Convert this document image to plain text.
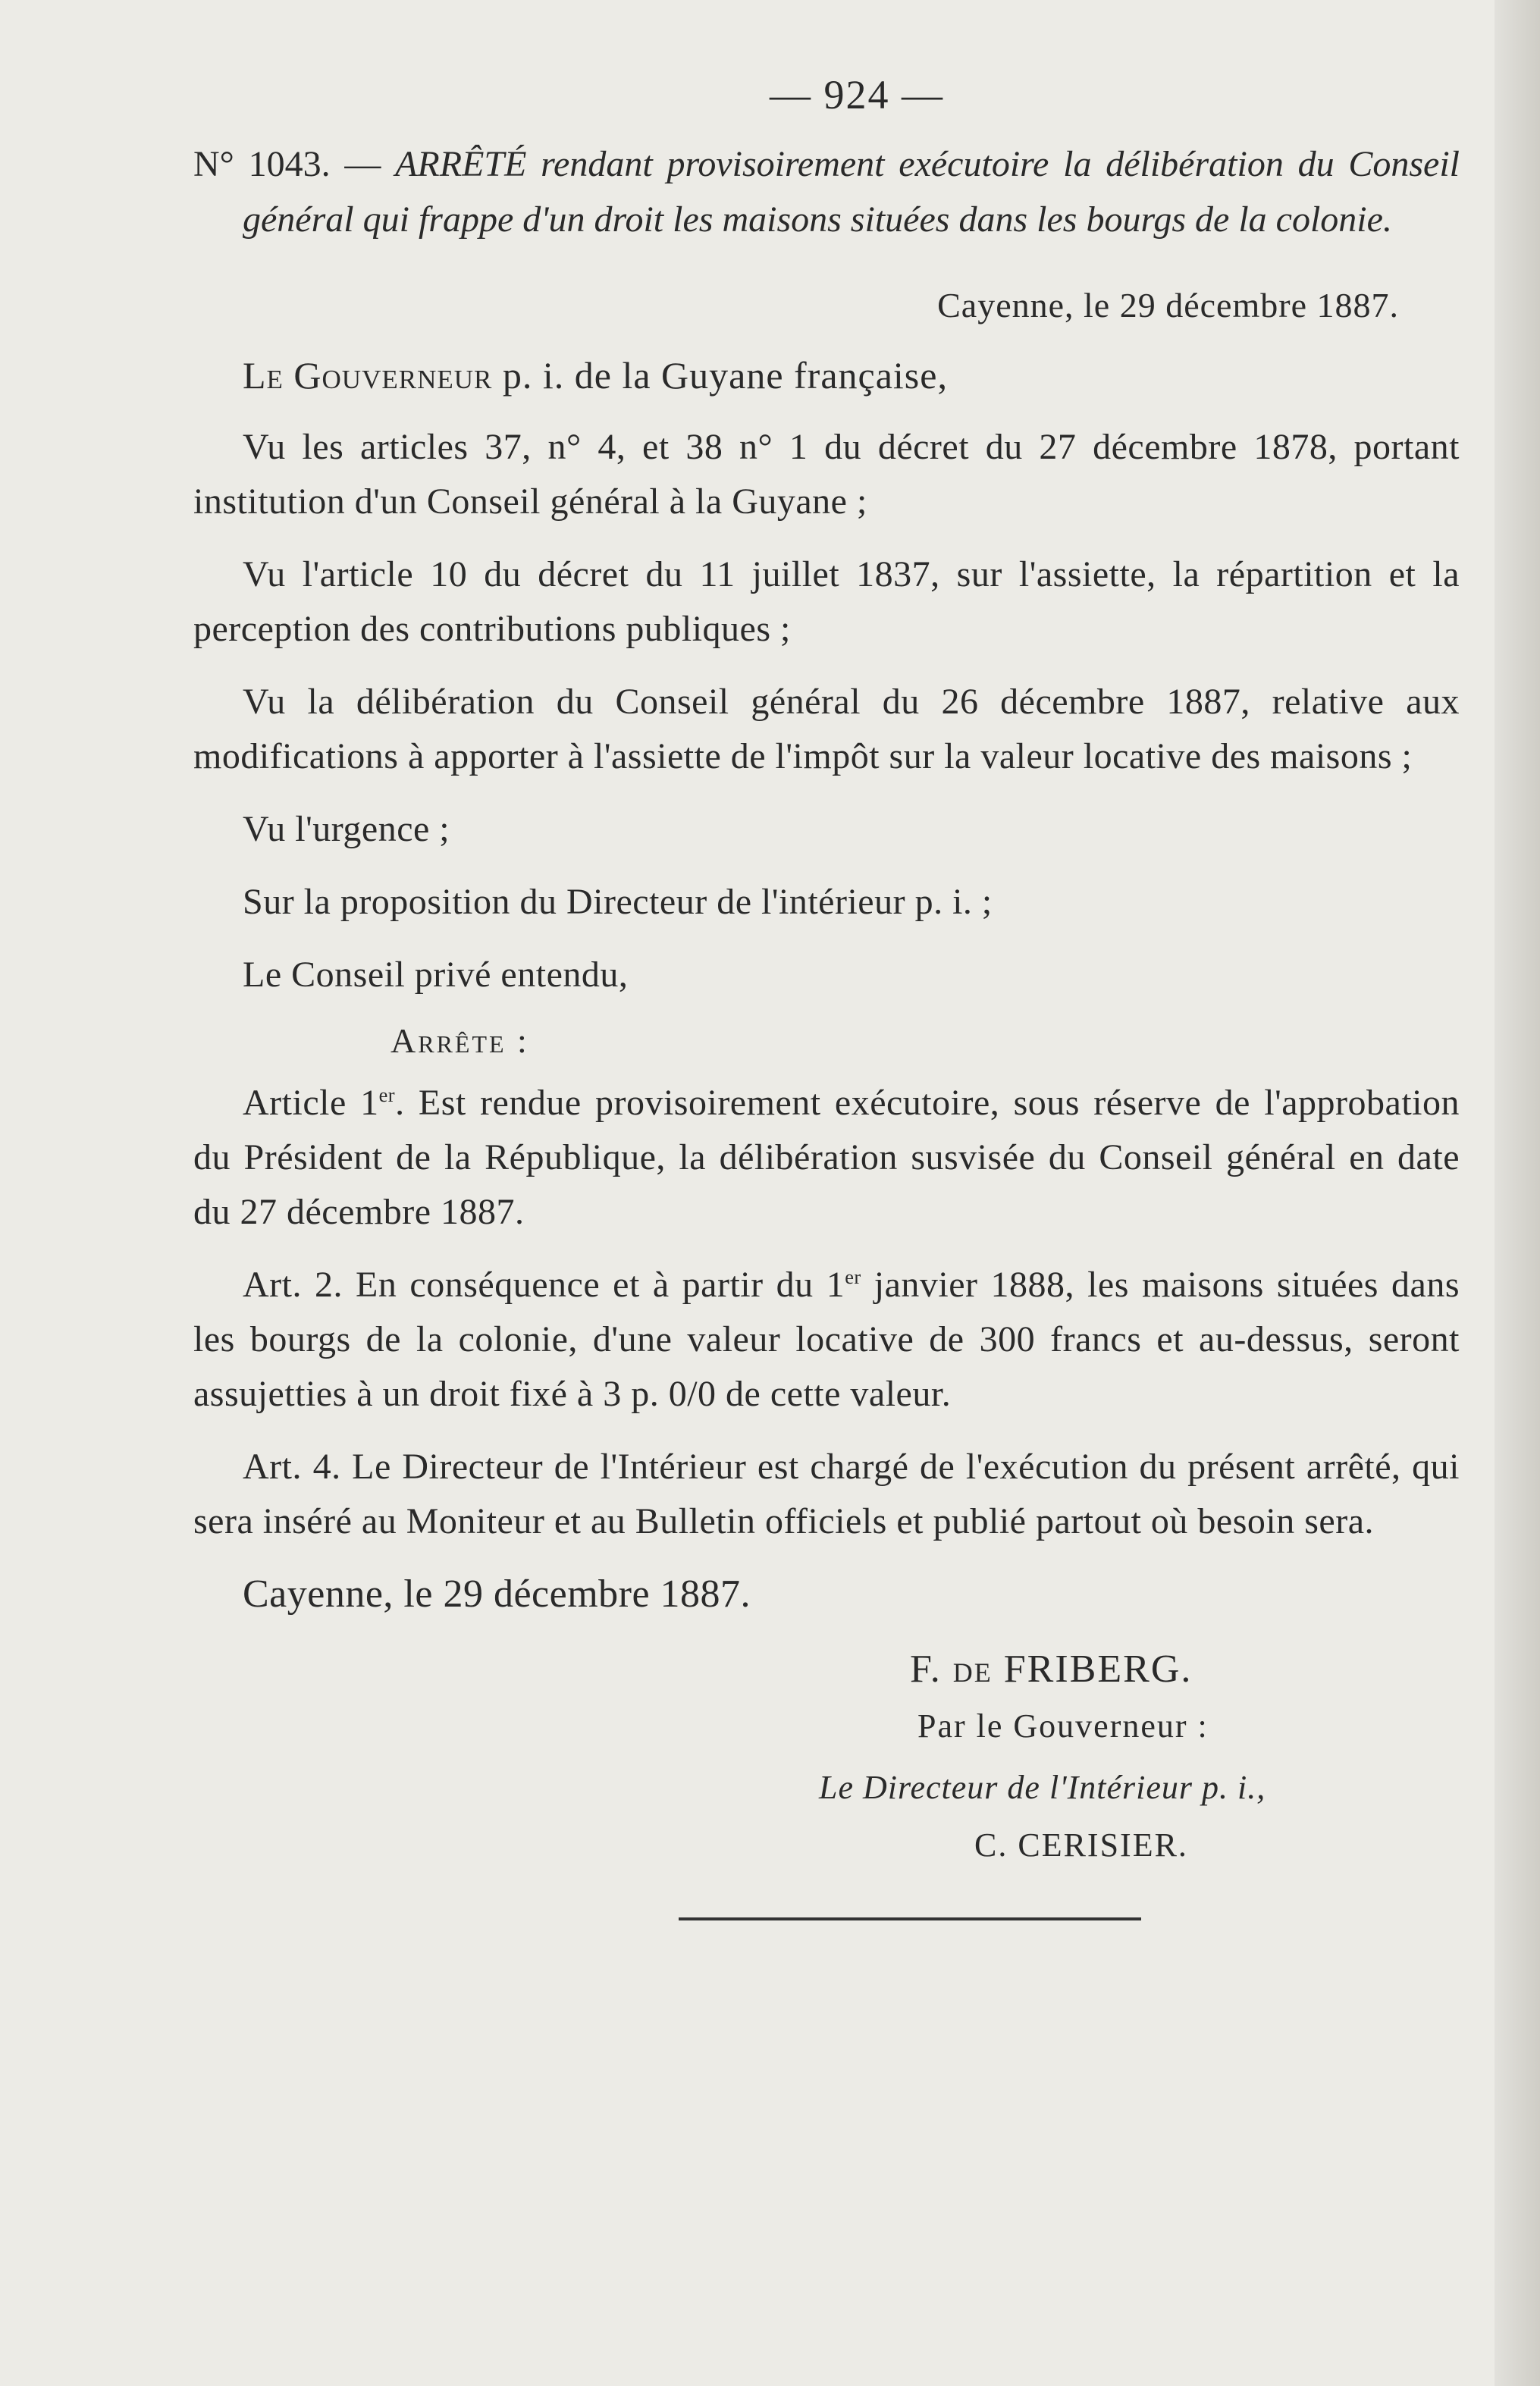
— 924 —

N° 1043. — ARRÊTÉ rendant provisoirement exécutoire la délibération du Conseil général qui frappe d'un droit les maisons situées dans les bourgs de la colonie.

Cayenne, le 29 décembre 1887.
Le Gouverneur p. i. de la Guyane française,

Vu les articles 37, n° 4, et 38 n° 1 du décret du 27 décembre 1878, portant institution d'un Conseil général à la Guyane ;

Vu l'article 10 du décret du 11 juillet 1837, sur l'assiette, la répartition et la perception des contributions publiques ;

Vu la délibération du Conseil général du 26 décembre 1887, relative aux modifications à apporter à l'assiette de l'impôt sur la valeur locative des maisons ;

Vu l'urgence ;

Sur la proposition du Directeur de l'intérieur p. i. ;

Le Conseil privé entendu,

Arrête :

Article 1er. Est rendue provisoirement exécutoire, sous réserve de l'approbation du Président de la République, la délibération susvisée du Conseil général en date du 27 décembre 1887.

Art. 2. En conséquence et à partir du 1er janvier 1888, les maisons situées dans les bourgs de la colonie, d'une valeur locative de 300 francs et au-dessus, seront assujetties à un droit fixé à 3 p. 0/0 de cette valeur.

Art. 4. Le Directeur de l'Intérieur est chargé de l'exécution du présent arrêté, qui sera inséré au Moniteur et au Bulletin officiels et publié partout où besoin sera.

Cayenne, le 29 décembre 1887.
F. de FRIBERG.
Par le Gouverneur :
Le Directeur de l'Intérieur p. i.,
C. CERISIER.
